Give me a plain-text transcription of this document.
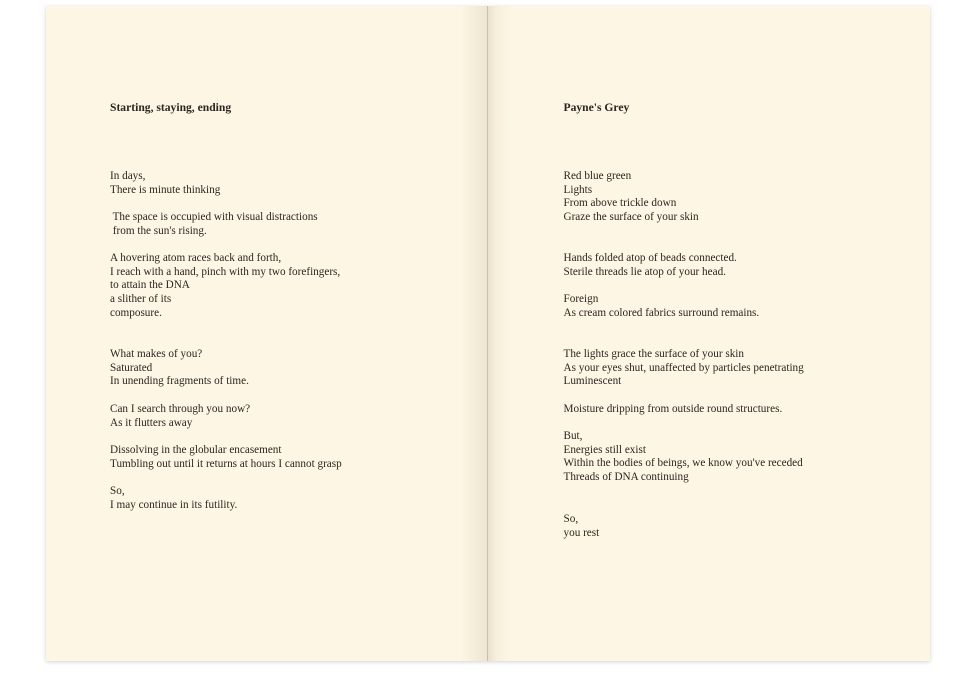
Starting, staying, ending

In days,
There is minute thinking

The space is occupied with visual distractions
from the sun's rising.

A hovering atom races back and forth,
I reach with a hand, pinch with my two forefingers,
to attain the DNA
a slither of its
composure.

What makes of you?
Saturated
In unending fragments of time.

Can I search through you now?
As it flutters away

Dissolving in the globular encasement
Tumbling out until it returns at hours I cannot grasp

So,
I may continue in its futility.

Payne's Grey

Red blue green
Lights
From above trickle down
Graze the surface of your skin

Hands folded atop of beads connected.
Sterile threads lie atop of your head.

Foreign
As cream colored fabrics surround remains.

The lights grace the surface of your skin
As your eyes shut, unaffected by particles penetrating
Luminescent

Moisture dripping from outside round structures.

But,
Energies still exist
Within the bodies of beings, we know you've receded
Threads of DNA continuing

So,
you rest
